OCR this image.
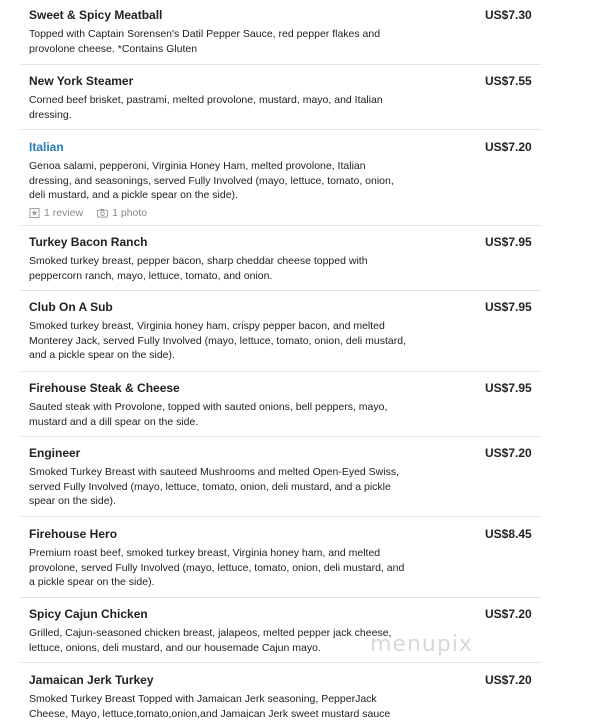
Sweet & Spicy Meatball	US$7.30
Topped with Captain Sorensen's Datil Pepper Sauce, red pepper flakes and provolone cheese. *Contains Gluten
New York Steamer	US$7.55
Corned beef brisket, pastrami, melted provolone, mustard, mayo, and Italian dressing.
Italian	US$7.20
Genoa salami, pepperoni, Virginia Honey Ham, melted provolone, Italian dressing, and seasonings, served Fully Involved (mayo, lettuce, tomato, onion, deli mustard, and a pickle spear on the side).
1 review	1 photo
Turkey Bacon Ranch	US$7.95
Smoked turkey breast, pepper bacon, sharp cheddar cheese topped with peppercorn ranch, mayo, lettuce, tomato, and onion.
Club On A Sub	US$7.95
Smoked turkey breast, Virginia honey ham, crispy pepper bacon, and melted Monterey Jack, served Fully Involved (mayo, lettuce, tomato, onion, deli mustard, and a pickle spear on the side).
Firehouse Steak & Cheese	US$7.95
Sauted steak with Provolone, topped with sauted onions, bell peppers, mayo, mustard and a dill spear on the side.
Engineer	US$7.20
Smoked Turkey Breast with sauteed Mushrooms and melted Open-Eyed Swiss, served Fully Involved (mayo, lettuce, tomato, onion, deli mustard, and a pickle spear on the side).
Firehouse Hero	US$8.45
Premium roast beef, smoked turkey breast, Virginia honey ham, and melted provolone, served Fully Involved (mayo, lettuce, tomato, onion, deli mustard, and a pickle spear on the side).
Spicy Cajun Chicken	US$7.20
Grilled, Cajun-seasoned chicken breast, jalapeos, melted pepper jack cheese, lettuce, onions, deli mustard, and our housemade Cajun mayo.
Jamaican Jerk Turkey	US$7.20
Smoked Turkey Breast Topped with Jamaican Jerk seasoning, PepperJack Cheese, Mayo, lettuce,tomato,onion,and Jamaican Jerk sweet mustard sauce
menupix
